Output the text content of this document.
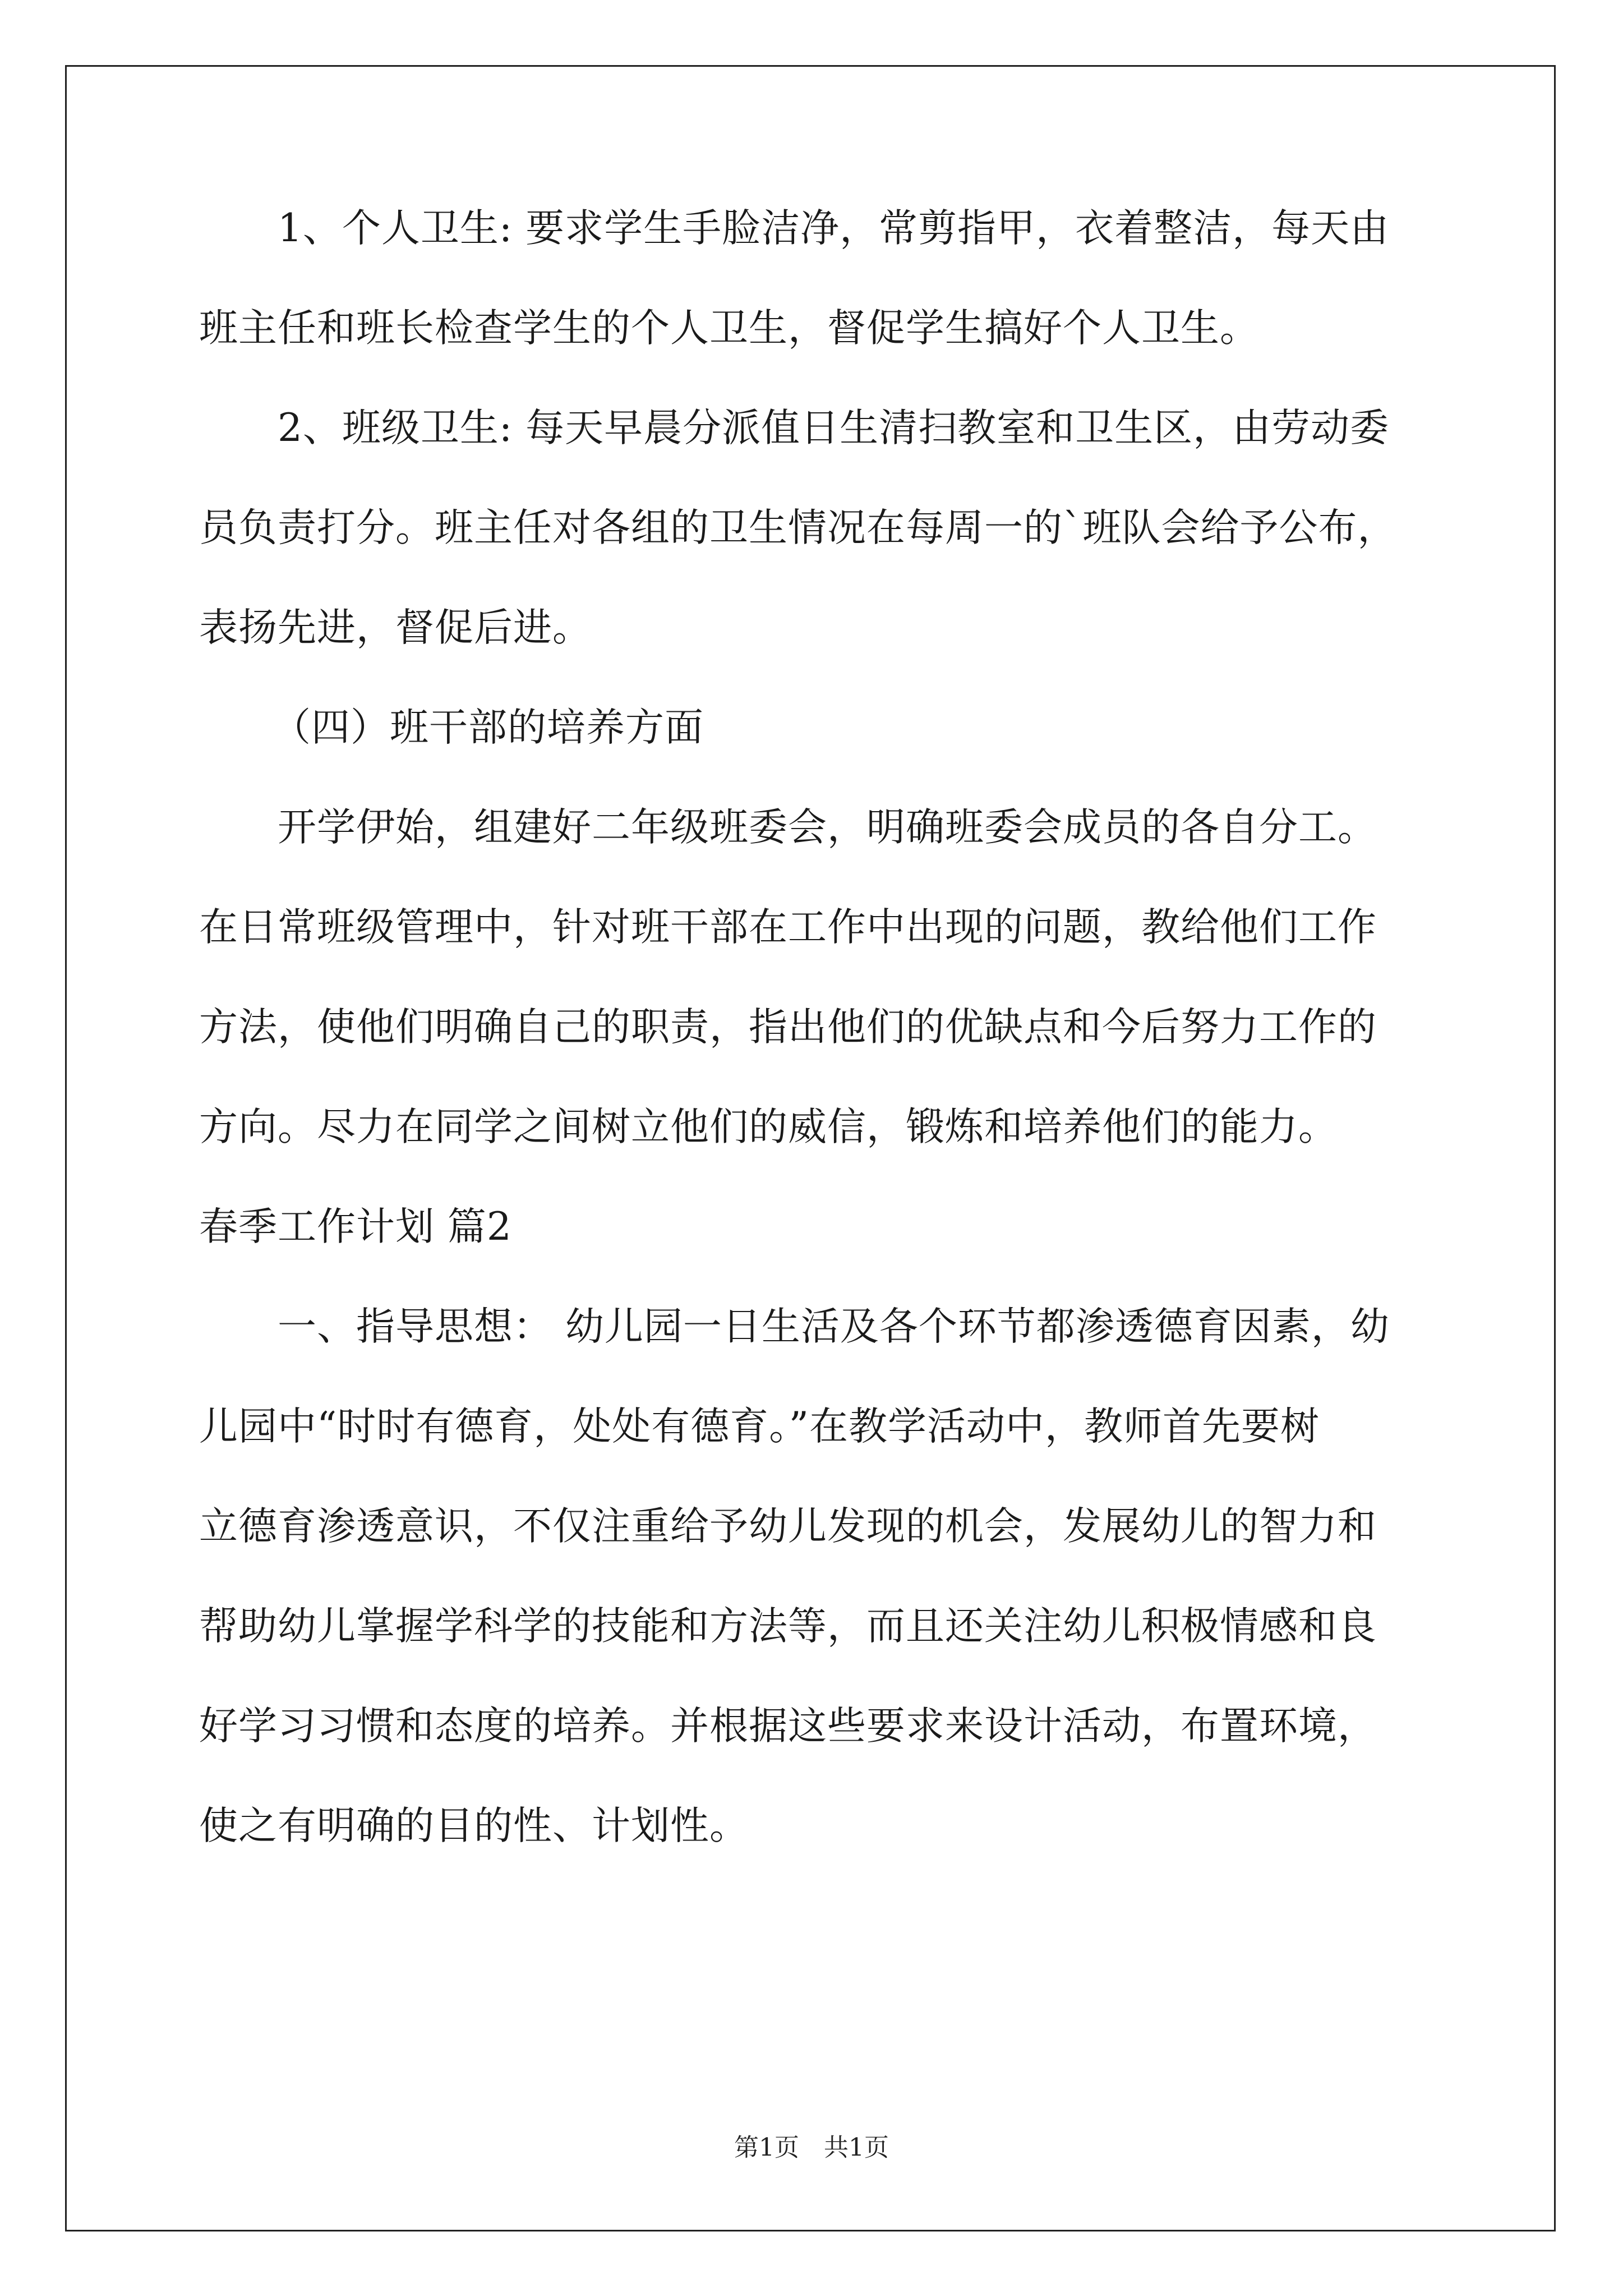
1、个人卫生: 要求学生手脸洁净，常剪指甲，衣着整洁，每天由
班主任和班长检查学生的个人卫生，督促学生搞好个人卫生。
2、班级卫生: 每天早晨分派值日生清扫教室和卫生区，由劳动委
员负责打分。班主任对各组的卫生情况在每周一的`班队会给予公布，
表扬先进，督促后进。
（四）班干部的培养方面
开学伊始，组建好二年级班委会，明确班委会成员的各自分工。
在日常班级管理中，针对班干部在工作中出现的问题，教给他们工作
方法，使他们明确自己的职责，指出他们的优缺点和今后努力工作的
方向。尽力在同学之间树立他们的威信，锻炼和培养他们的能力。
春季工作计划 篇2
一、指导思想： 幼儿园一日生活及各个环节都渗透德育因素，幼
儿园中“时时有德育，处处有德育。”在教学活动中，教师首先要树
立德育渗透意识，不仅注重给予幼儿发现的机会，发展幼儿的智力和
帮助幼儿掌握学科学的技能和方法等，而且还关注幼儿积极情感和良
好学习习惯和态度的培养。并根据这些要求来设计活动，布置环境，
使之有明确的目的性、计划性。
第1页　共1页
